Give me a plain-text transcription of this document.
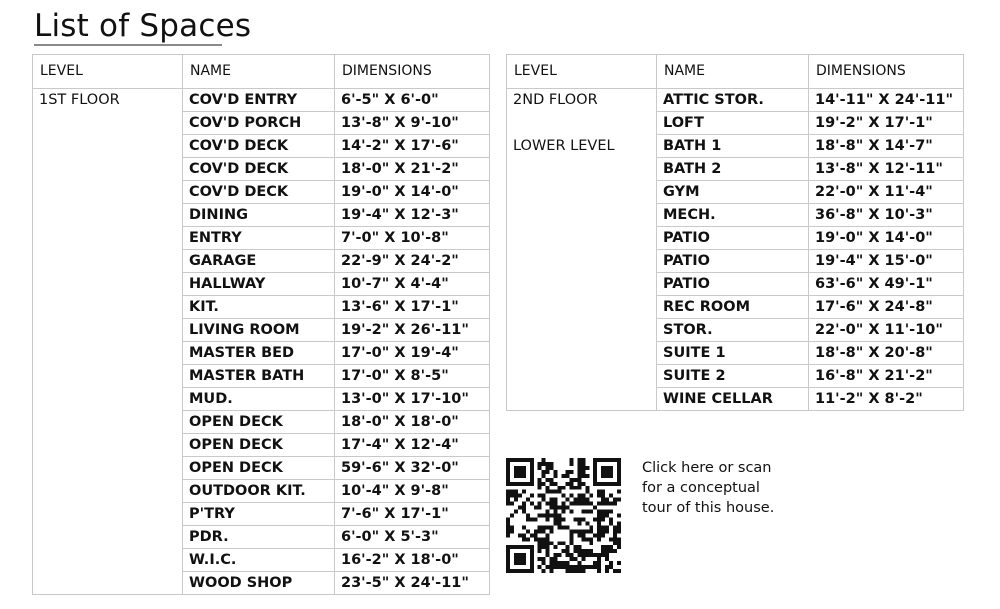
List of Spaces
LEVEL	NAME	DIMENSIONS
1ST FLOOR	COV'D ENTRY	6'-5" X 6'-0"
	COV'D PORCH	13'-8" X 9'-10"
	COV'D DECK	14'-2" X 17'-6"
	COV'D DECK	18'-0" X 21'-2"
	COV'D DECK	19'-0" X 14'-0"
	DINING	19'-4" X 12'-3"
	ENTRY	7'-0" X 10'-8"
	GARAGE	22'-9" X 24'-2"
	HALLWAY	10'-7" X 4'-4"
	KIT.	13'-6" X 17'-1"
	LIVING ROOM	19'-2" X 26'-11"
	MASTER BED	17'-0" X 19'-4"
	MASTER BATH	17'-0" X 8'-5"
	MUD.	13'-0" X 17'-10"
	OPEN DECK	18'-0" X 18'-0"
	OPEN DECK	17'-4" X 12'-4"
	OPEN DECK	59'-6" X 32'-0"
	OUTDOOR KIT.	10'-4" X 9'-8"
	P'TRY	7'-6" X 17'-1"
	PDR.	6'-0" X 5'-3"
	W.I.C.	16'-2" X 18'-0"
	WOOD SHOP	23'-5" X 24'-11"
LEVEL	NAME	DIMENSIONS
2ND FLOOR	ATTIC STOR.	14'-11" X 24'-11"
	LOFT	19'-2" X 17'-1"
LOWER LEVEL	BATH 1	18'-8" X 14'-7"
	BATH 2	13'-8" X 12'-11"
	GYM	22'-0" X 11'-4"
	MECH.	36'-8" X 10'-3"
	PATIO	19'-0" X 14'-0"
	PATIO	19'-4" X 15'-0"
	PATIO	63'-6" X 49'-1"
	REC ROOM	17'-6" X 24'-8"
	STOR.	22'-0" X 11'-10"
	SUITE 1	18'-8" X 20'-8"
	SUITE 2	16'-8" X 21'-2"
	WINE CELLAR	11'-2" X 8'-2"
Click here or scan
for a conceptual
tour of this house.
